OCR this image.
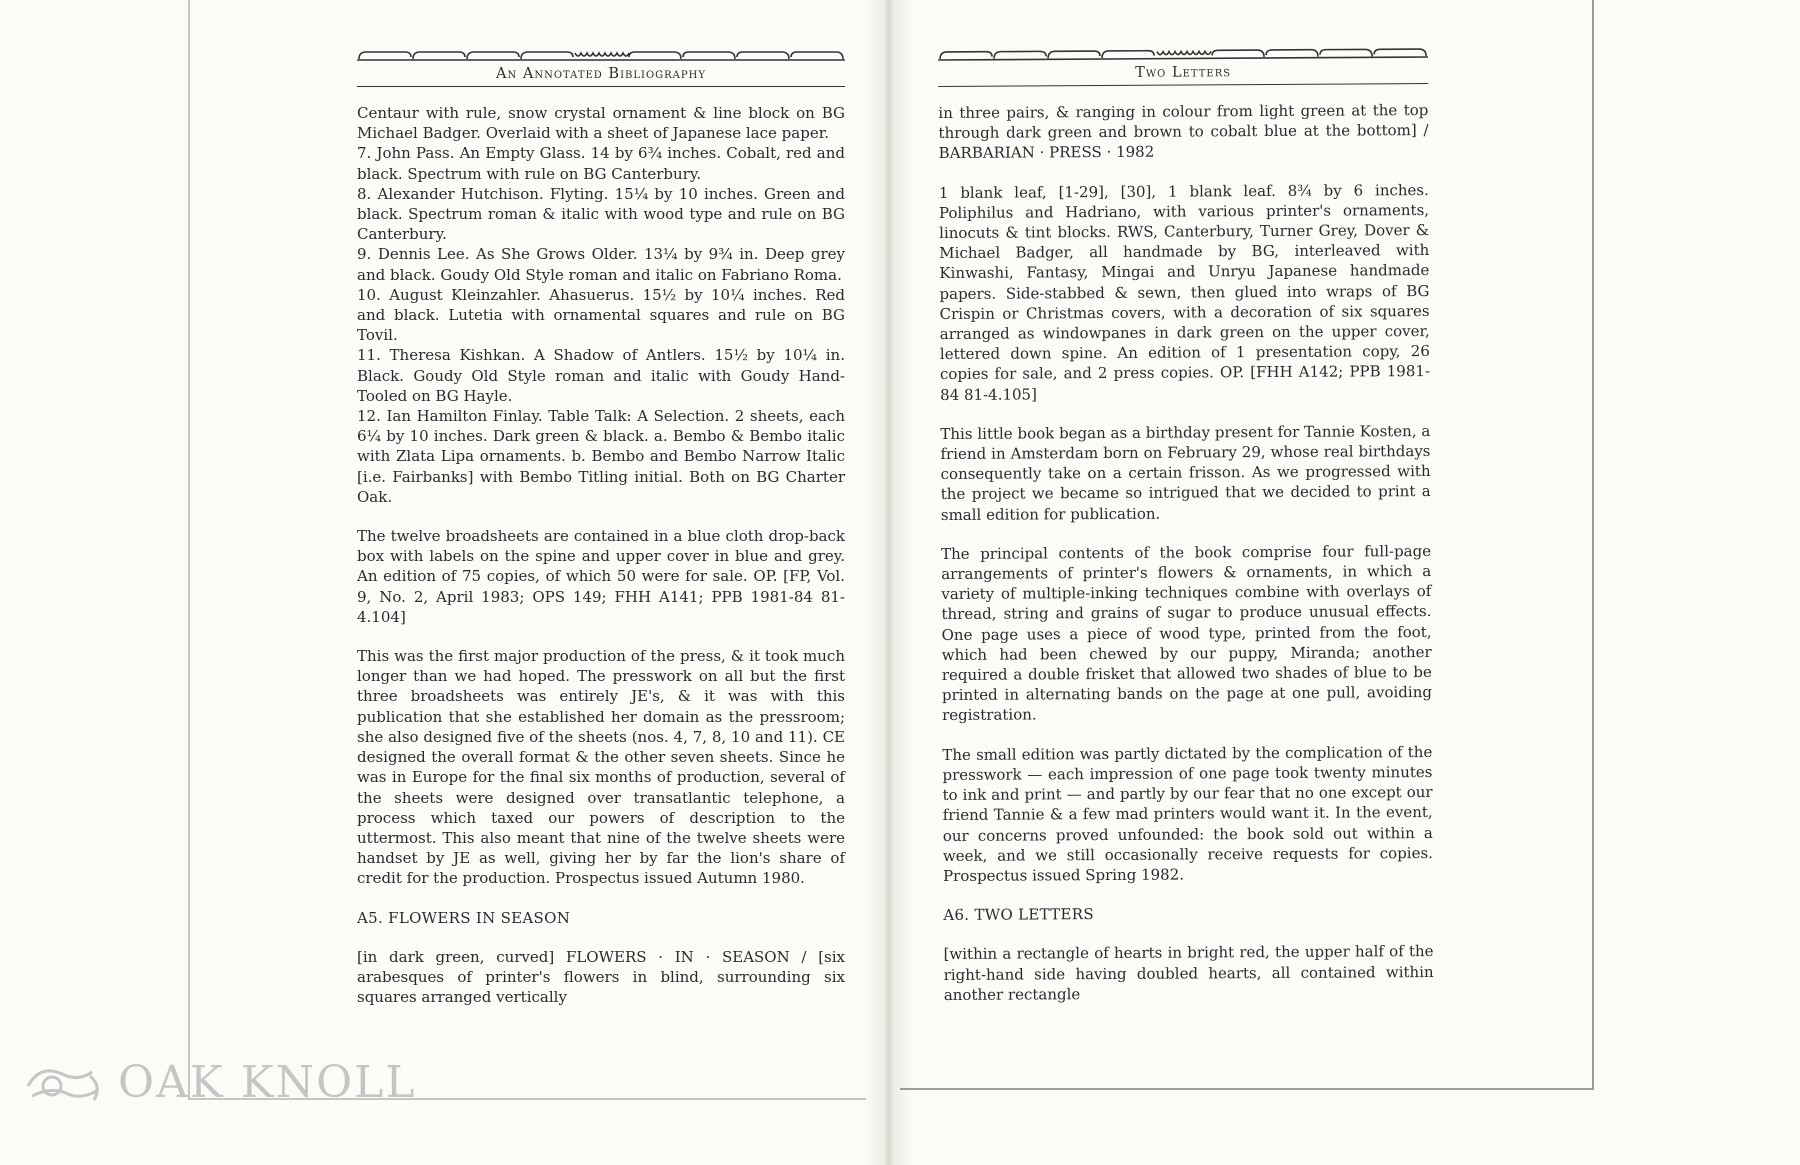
An Annotated Bibliography

Centaur with rule, snow crystal ornament & line block on BG Michael Badger. Overlaid with a sheet of Japanese lace paper.

7. John Pass. An Empty Glass. 14 by 6¾ inches. Cobalt, red and black. Spectrum with rule on BG Canterbury.

8. Alexander Hutchison. Flyting. 15¼ by 10 inches. Green and black. Spectrum roman & italic with wood type and rule on BG Canterbury.

9. Dennis Lee. As She Grows Older. 13¼ by 9¾ in. Deep grey and black. Goudy Old Style roman and italic on Fabriano Roma.

10. August Kleinzahler. Ahasuerus. 15½ by 10¼ inches. Red and black. Lutetia with ornamental squares and rule on BG Tovil.

11. Theresa Kishkan. A Shadow of Antlers. 15½ by 10¼ in. Black. Goudy Old Style roman and italic with Goudy Hand-Tooled on BG Hayle.

12. Ian Hamilton Finlay. Table Talk: A Selection. 2 sheets, each 6¼ by 10 inches. Dark green & black. a. Bembo & Bembo italic with Zlata Lipa ornaments. b. Bembo and Bembo Narrow Italic [i.e. Fairbanks] with Bembo Titling initial. Both on BG Charter Oak.

The twelve broadsheets are contained in a blue cloth drop-back box with labels on the spine and upper cover in blue and grey. An edition of 75 copies, of which 50 were for sale. OP. [FP, Vol. 9, No. 2, April 1983; OPS 149; FHH A141; PPB 1981-84 81-4.104]

This was the first major production of the press, & it took much longer than we had hoped. The presswork on all but the first three broadsheets was entirely JE's, & it was with this publication that she established her domain as the pressroom; she also designed five of the sheets (nos. 4, 7, 8, 10 and 11). CE designed the overall format & the other seven sheets. Since he was in Europe for the final six months of production, several of the sheets were designed over transatlantic telephone, a process which taxed our powers of description to the uttermost. This also meant that nine of the twelve sheets were handset by JE as well, giving her by far the lion's share of credit for the production. Prospectus issued Autumn 1980.

A5. FLOWERS IN SEASON

[in dark green, curved] FLOWERS · IN · SEASON / [six arabesques of printer's flowers in blind, surrounding six squares arranged vertically

Two Letters

in three pairs, & ranging in colour from light green at the top through dark green and brown to cobalt blue at the bottom] / BARBARIAN · PRESS · 1982

1 blank leaf, [1-29], [30], 1 blank leaf. 8¾ by 6 inches. Poliphilus and Hadriano, with various printer's ornaments, linocuts & tint blocks. RWS, Canterbury, Turner Grey, Dover & Michael Badger, all handmade by BG, interleaved with Kinwashi, Fantasy, Mingai and Unryu Japanese handmade papers. Side-stabbed & sewn, then glued into wraps of BG Crispin or Christmas covers, with a decoration of six squares arranged as windowpanes in dark green on the upper cover, lettered down spine. An edition of 1 presentation copy, 26 copies for sale, and 2 press copies. OP. [FHH A142; PPB 1981-84 81-4.105]

This little book began as a birthday present for Tannie Kosten, a friend in Amsterdam born on February 29, whose real birthdays consequently take on a certain frisson. As we progressed with the project we became so intrigued that we decided to print a small edition for publication.

The principal contents of the book comprise four full-page arrangements of printer's flowers & ornaments, in which a variety of multiple-inking techniques combine with overlays of thread, string and grains of sugar to produce unusual effects. One page uses a piece of wood type, printed from the foot, which had been chewed by our puppy, Miranda; another required a double frisket that allowed two shades of blue to be printed in alternating bands on the page at one pull, avoiding registration.

The small edition was partly dictated by the complication of the presswork — each impression of one page took twenty minutes to ink and print — and partly by our fear that no one except our friend Tannie & a few mad printers would want it. In the event, our concerns proved unfounded: the book sold out within a week, and we still occasionally receive requests for copies. Prospectus issued Spring 1982.

A6. TWO LETTERS

[within a rectangle of hearts in bright red, the upper half of the right-hand side having doubled hearts, all contained within another rectangle

OAK KNOLL
